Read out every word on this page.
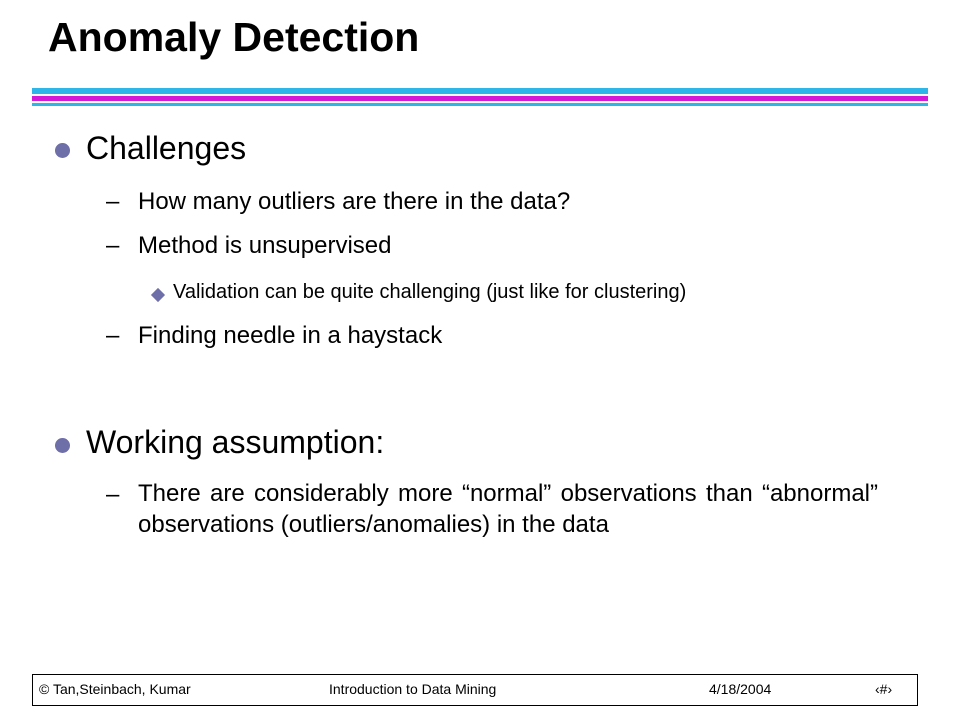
Anomaly Detection
Challenges
– How many outliers are there in the data?
– Method is unsupervised
Validation can be quite challenging (just like for clustering)
– Finding needle in a haystack
Working assumption:
– There are considerably more “normal” observations than “abnormal” observations (outliers/anomalies) in the data
© Tan,Steinbach, Kumar	Introduction to Data Mining	4/18/2004	‹#›
